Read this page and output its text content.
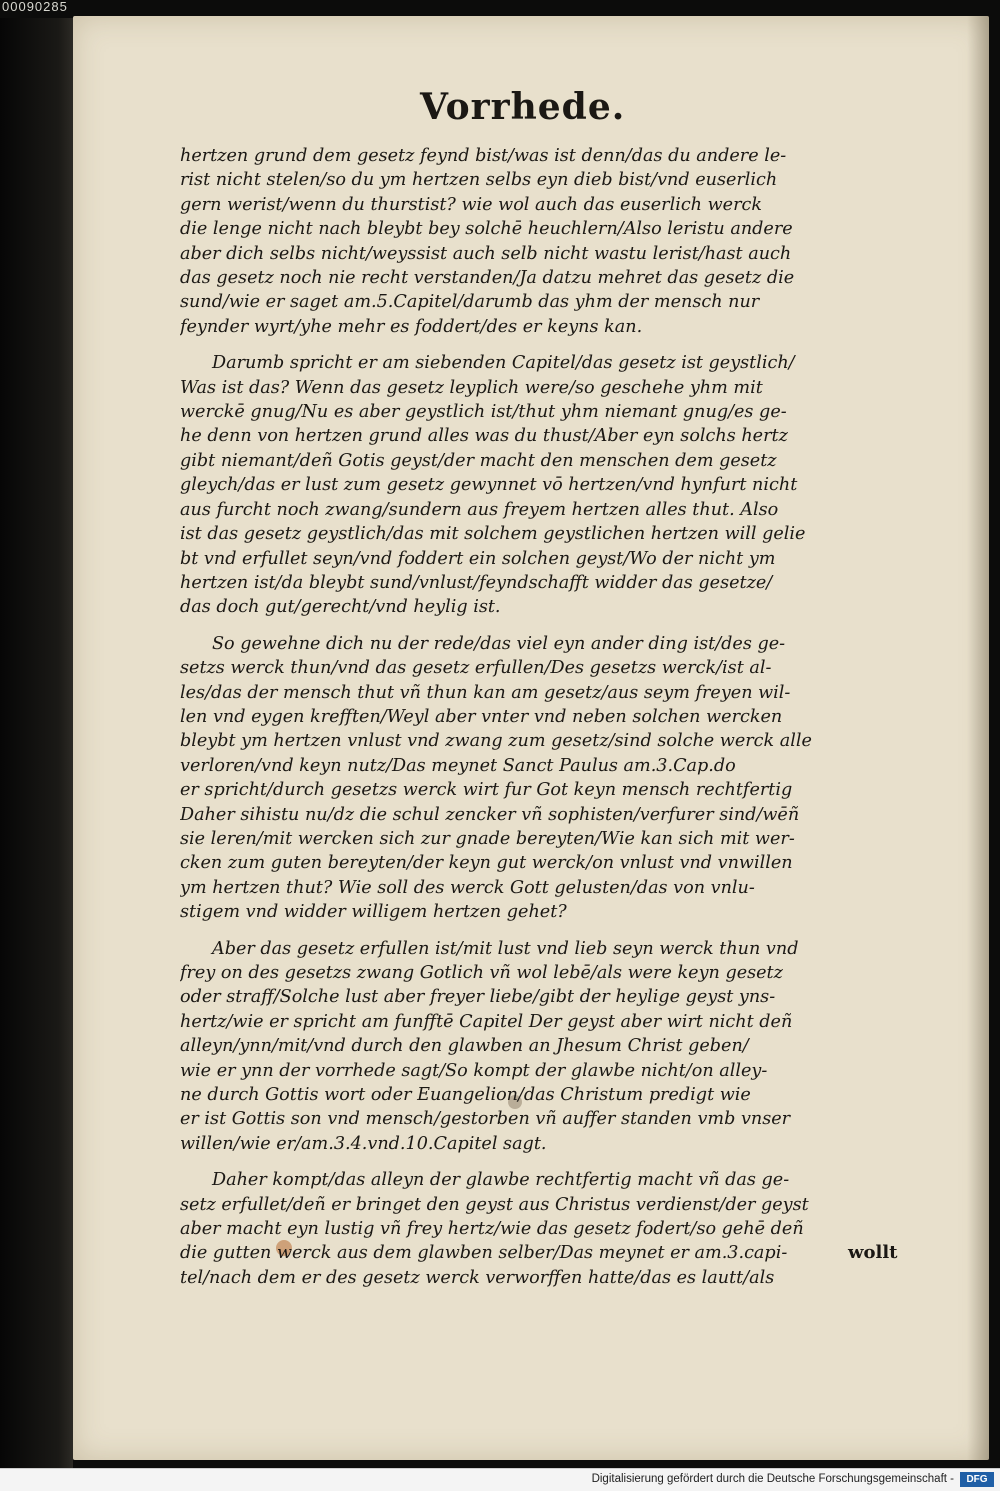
00090285
Vorrhede.
hertzen grund dem gesetz feynd bist/was ist denn/das du andere le-
rist nicht stelen/so du ym hertzen selbs eyn dieb bist/vnd euserlich
gern werist/wenn du thurstist? wie wol auch das euserlich werck
die lenge nicht nach bleybt bey solchē heuchlern/Also leristu andere
aber dich selbs nicht/weyssist auch selb nicht wastu lerist/hast auch
das gesetz noch nie recht verstanden/Ja datzu mehret das gesetz die
sund/wie er saget am.5.Capitel/darumb das yhm der mensch nur
feynder wyrt/yhe mehr es foddert/des er keyns kan.
Darumb spricht er am siebenden Capitel/das gesetz ist geystlich/
Was ist das? Wenn das gesetz leyplich were/so geschehe yhm mit
werckē gnug/Nu es aber geystlich ist/thut yhm niemant gnug/es ge-
he denn von hertzen grund alles was du thust/Aber eyn solchs hertz
gibt niemant/deñ Gotis geyst/der macht den menschen dem gesetz
gleych/das er lust zum gesetz gewynnet vō hertzen/vnd hynfurt nicht
aus furcht noch zwang/sundern aus freyem hertzen alles thut. Also
ist das gesetz geystlich/das mit solchem geystlichen hertzen will gelie
bt vnd erfullet seyn/vnd foddert ein solchen geyst/Wo der nicht ym
hertzen ist/da bleybt sund/vnlust/feyndschafft widder das gesetze/
das doch gut/gerecht/vnd heylig ist.
So gewehne dich nu der rede/das viel eyn ander ding ist/des ge-
setzs werck thun/vnd das gesetz erfullen/Des gesetzs werck/ist al-
les/das der mensch thut vñ thun kan am gesetz/aus seym freyen wil-
len vnd eygen krefften/Weyl aber vnter vnd neben solchen wercken
bleybt ym hertzen vnlust vnd zwang zum gesetz/sind solche werck alle
verloren/vnd keyn nutz/Das meynet Sanct Paulus am.3.Cap.do
er spricht/durch gesetzs werck wirt fur Got keyn mensch rechtfertig
Daher sihistu nu/dz die schul zencker vñ sophisten/verfurer sind/wēñ
sie leren/mit wercken sich zur gnade bereyten/Wie kan sich mit wer-
cken zum guten bereyten/der keyn gut werck/on vnlust vnd vnwillen
ym hertzen thut? Wie soll des werck Gott gelusten/das von vnlu-
stigem vnd widder willigem hertzen gehet?
Aber das gesetz erfullen ist/mit lust vnd lieb seyn werck thun vnd
frey on des gesetzs zwang Gotlich vñ wol lebē/als were keyn gesetz
oder straff/Solche lust aber freyer liebe/gibt der heylige geyst yns-
hertz/wie er spricht am funfftē Capitel Der geyst aber wirt nicht deñ
alleyn/ynn/mit/vnd durch den glawben an Jhesum Christ geben/
wie er ynn der vorrhede sagt/So kompt der glawbe nicht/on alley-
ne durch Gottis wort oder Euangelion/das Christum predigt wie
er ist Gottis son vnd mensch/gestorben vñ auffer standen vmb vnser
willen/wie er/am.3.4.vnd.10.Capitel sagt.
Daher kompt/das alleyn der glawbe rechtfertig macht vñ das ge-
setz erfullet/deñ er bringet den geyst aus Christus verdienst/der geyst
aber macht eyn lustig vñ frey hertz/wie das gesetz fodert/so gehē deñ
die gutten werck aus dem glawben selber/Das meynet er am.3.capi-
tel/nach dem er des gesetz werck verworffen hatte/das es lautt/als
wollt
Digitalisierung gefördert durch die Deutsche Forschungsgemeinschaft -	DFG
